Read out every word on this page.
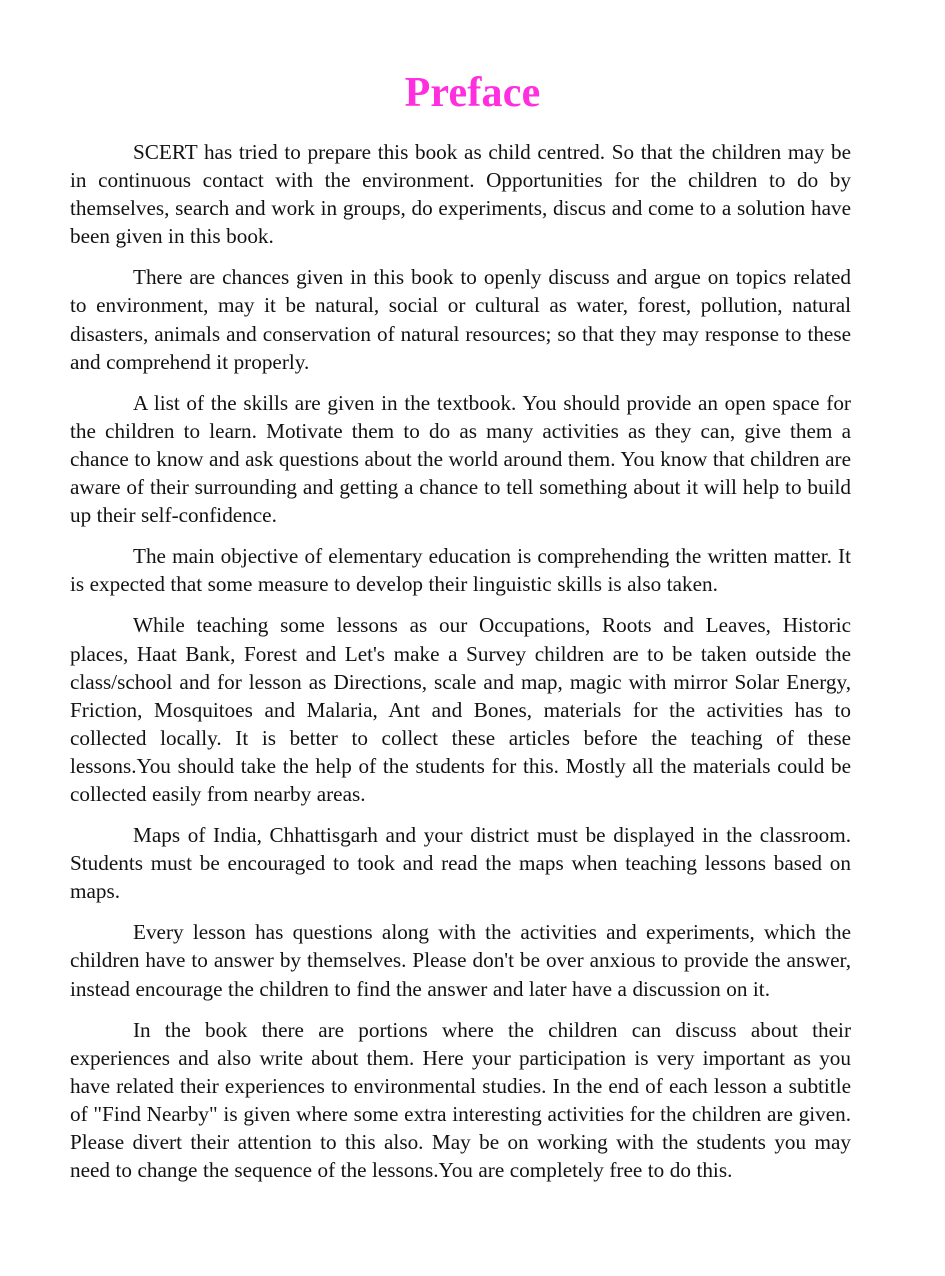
Preface

SCERT has tried to prepare this book as child centred. So that the children may be in continuous contact with the environment. Opportunities for the children to do by themselves, search and work in groups, do experiments, discus and come to a solution have been given in this book.

There are chances given in this book to openly discuss and argue on topics related to environment, may it be natural, social or cultural as water, forest, pollution, natural disasters, animals and conservation of natural resources; so that they may response to these and comprehend it properly.

A list of the skills are given in the textbook. You should provide an open space for the children to learn. Motivate them to do as many activities as they can, give them a chance to know and ask questions about the world around them. You know that children are aware of their surrounding and getting a chance to tell something about it will help to build up their self-confidence.

The main objective of elementary education is comprehending the written matter. It is expected that some measure to develop their linguistic skills is also taken.

While teaching some lessons as our Occupations, Roots and Leaves, Historic places, Haat Bank, Forest and Let's make a Survey children are to be taken outside the class/school and for lesson as Directions, scale and map, magic with mirror Solar Energy, Friction, Mosquitoes and Malaria, Ant and Bones, materials for the activities has to collected locally. It is better to collect these articles before the teaching of these lessons.You should take the help of the students for this. Mostly all the materials could be collected easily from nearby areas.

Maps of India, Chhattisgarh and your district must be displayed in the classroom. Students must be encouraged to took and read the maps when teaching lessons based on maps.

Every lesson has questions along with the activities and experiments, which the children have to answer by themselves. Please don't be over anxious to provide the answer, instead encourage the children to find the answer and later have a discussion on it.

In the book there are portions where the children can discuss about their experiences and also write about them. Here your participation is very important as you have related their experiences to environmental studies. In the end of each lesson a subtitle of "Find Nearby" is given where some extra interesting activities for the children are given. Please divert their attention to this also. May be on working with the students you may need to change the sequence of the lessons.You are completely free to do this.
